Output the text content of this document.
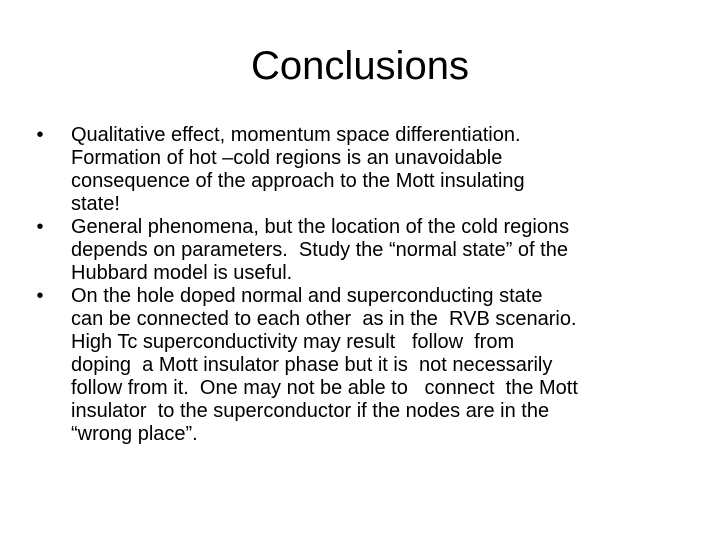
Conclusions
•	Qualitative effect, momentum space differentiation.
Formation of hot –cold regions is an unavoidable
consequence of the approach to the Mott insulating
state!
•	General phenomena, but the location of the cold regions
depends on parameters.  Study the “normal state” of the
Hubbard model is useful.
•	On the hole doped normal and superconducting state
can be connected to each other  as in the  RVB scenario.
High Tc superconductivity may result   follow  from
doping  a Mott insulator phase but it is  not necessarily
follow from it.  One may not be able to   connect  the Mott
insulator  to the superconductor if the nodes are in the
“wrong place”.
